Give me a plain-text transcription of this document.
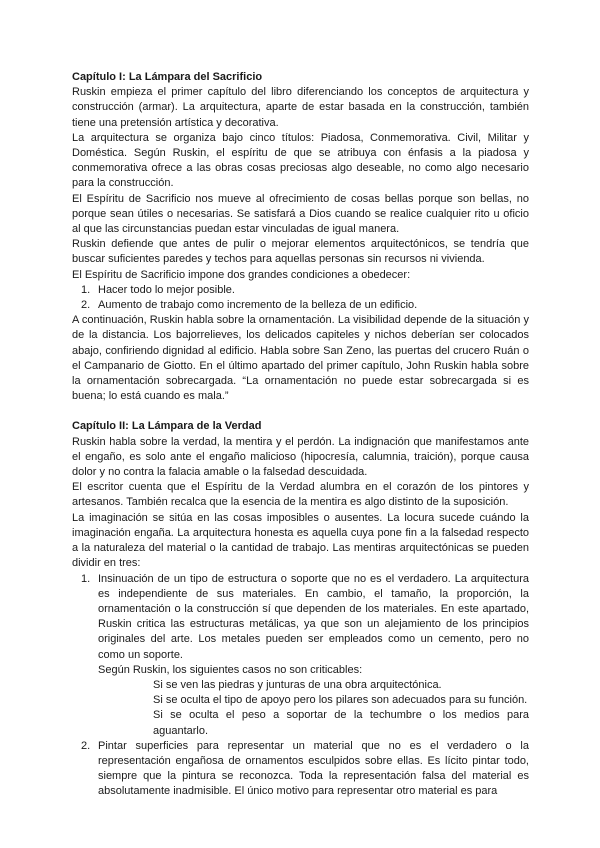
Capítulo I: La Lámpara del Sacrificio

Ruskin empieza el primer capítulo del libro diferenciando los conceptos de arquitectura y construcción (armar). La arquitectura, aparte de estar basada en la construcción, también tiene una pretensión artística y decorativa.

La arquitectura se organiza bajo cinco títulos: Piadosa, Conmemorativa. Civil, Militar y Doméstica. Según Ruskin, el espíritu de que se atribuya con énfasis a la piadosa y conmemorativa ofrece a las obras cosas preciosas algo deseable, no como algo necesario para la construcción.

El Espíritu de Sacrificio nos mueve al ofrecimiento de cosas bellas porque son bellas, no porque sean útiles o necesarias. Se satisfará a Dios cuando se realice cualquier rito u oficio al que las circunstancias puedan estar vinculadas de igual manera.

Ruskin defiende que antes de pulir o mejorar elementos arquitectónicos, se tendría que buscar suficientes paredes y techos para aquellas personas sin recursos ni vivienda.

El Espíritu de Sacrificio impone dos grandes condiciones a obedecer:

1. Hacer todo lo mejor posible.
2. Aumento de trabajo como incremento de la belleza de un edificio.

A continuación, Ruskin habla sobre la ornamentación. La visibilidad depende de la situación y de la distancia. Los bajorrelieves, los delicados capiteles y nichos deberían ser colocados abajo, confiriendo dignidad al edificio. Habla sobre San Zeno, las puertas del crucero Ruán o el Campanario de Giotto. En el último apartado del primer capítulo, John Ruskin habla sobre la ornamentación sobrecargada. “La ornamentación no puede estar sobrecargada si es buena; lo está cuando es mala.”

Capítulo II: La Lámpara de la Verdad

Ruskin habla sobre la verdad, la mentira y el perdón. La indignación que manifestamos ante el engaño, es solo ante el engaño malicioso (hipocresía, calumnia, traición), porque causa dolor y no contra la falacia amable o la falsedad descuidada.

El escritor cuenta que el Espíritu de la Verdad alumbra en el corazón de los pintores y artesanos. También recalca que la esencia de la mentira es algo distinto de la suposición.

La imaginación se sitúa en las cosas imposibles o ausentes. La locura sucede cuándo la imaginación engaña. La arquitectura honesta es aquella cuya pone fin a la falsedad respecto a la naturaleza del material o la cantidad de trabajo. Las mentiras arquitectónicas se pueden dividir en tres:

1. Insinuación de un tipo de estructura o soporte que no es el verdadero. La arquitectura es independiente de sus materiales. En cambio, el tamaño, la proporción, la ornamentación o la construcción sí que dependen de los materiales. En este apartado, Ruskin critica las estructuras metálicas, ya que son un alejamiento de los principios originales del arte. Los metales pueden ser empleados como un cemento, pero no como un soporte.
Según Ruskin, los siguientes casos no son criticables:
Si se ven las piedras y junturas de una obra arquitectónica.
Si se oculta el tipo de apoyo pero los pilares son adecuados para su función.
Si se oculta el peso a soportar de la techumbre o los medios para aguantarlo.
2. Pintar superficies para representar un material que no es el verdadero o la representación engañosa de ornamentos esculpidos sobre ellas. Es lícito pintar todo, siempre que la pintura se reconozca. Toda la representación falsa del material es absolutamente inadmisible. El único motivo para representar otro material es para
